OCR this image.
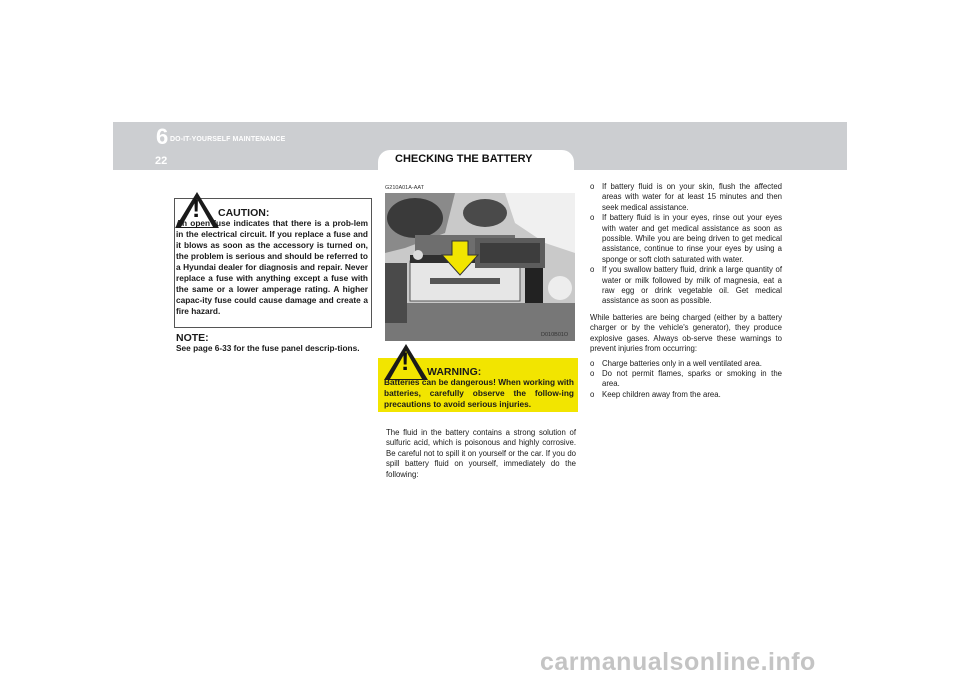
6 DO-IT-YOURSELF MAINTENANCE
22	CHECKING THE BATTERY
! CAUTION:
An open fuse indicates that there is a prob-lem in the electrical circuit. If you replace a fuse and it blows as soon as the accessory is turned on, the problem is serious and should be referred to a Hyundai dealer for diagnosis and repair. Never replace a fuse with anything except a fuse with the same or a lower amperage rating. A higher capac-ity fuse could cause damage and create a fire hazard.
NOTE:
See page 6-33 for the fuse panel descrip-tions.
G210A01A-AAT
D010B01O
! WARNING:
Batteries can be dangerous! When working with batteries, carefully observe the follow-ing precautions to avoid serious injuries.
The fluid in the battery contains a strong solution of sulfuric acid, which is poisonous and highly corrosive. Be careful not to spill it on yourself or the car. If you do spill battery fluid on yourself, immediately do the following:
o If battery fluid is on your skin, flush the affected areas with water for at least 15 minutes and then seek medical assistance.
o If battery fluid is in your eyes, rinse out your eyes with water and get medical assistance as soon as possible. While you are being driven to get medical assistance, continue to rinse your eyes by using a sponge or soft cloth saturated with water.
o If you swallow battery fluid, drink a large quantity of water or milk followed by milk of magnesia, eat a raw egg or drink vegetable oil. Get medical assistance as soon as possible.
While batteries are being charged (either by a battery charger or by the vehicle's generator), they produce explosive gases. Always ob-serve these warnings to prevent injuries from occurring:
o Charge batteries only in a well ventilated area.
o Do not permit flames, sparks or smoking in the area.
o Keep children away from the area.
carmanualsonline.info
